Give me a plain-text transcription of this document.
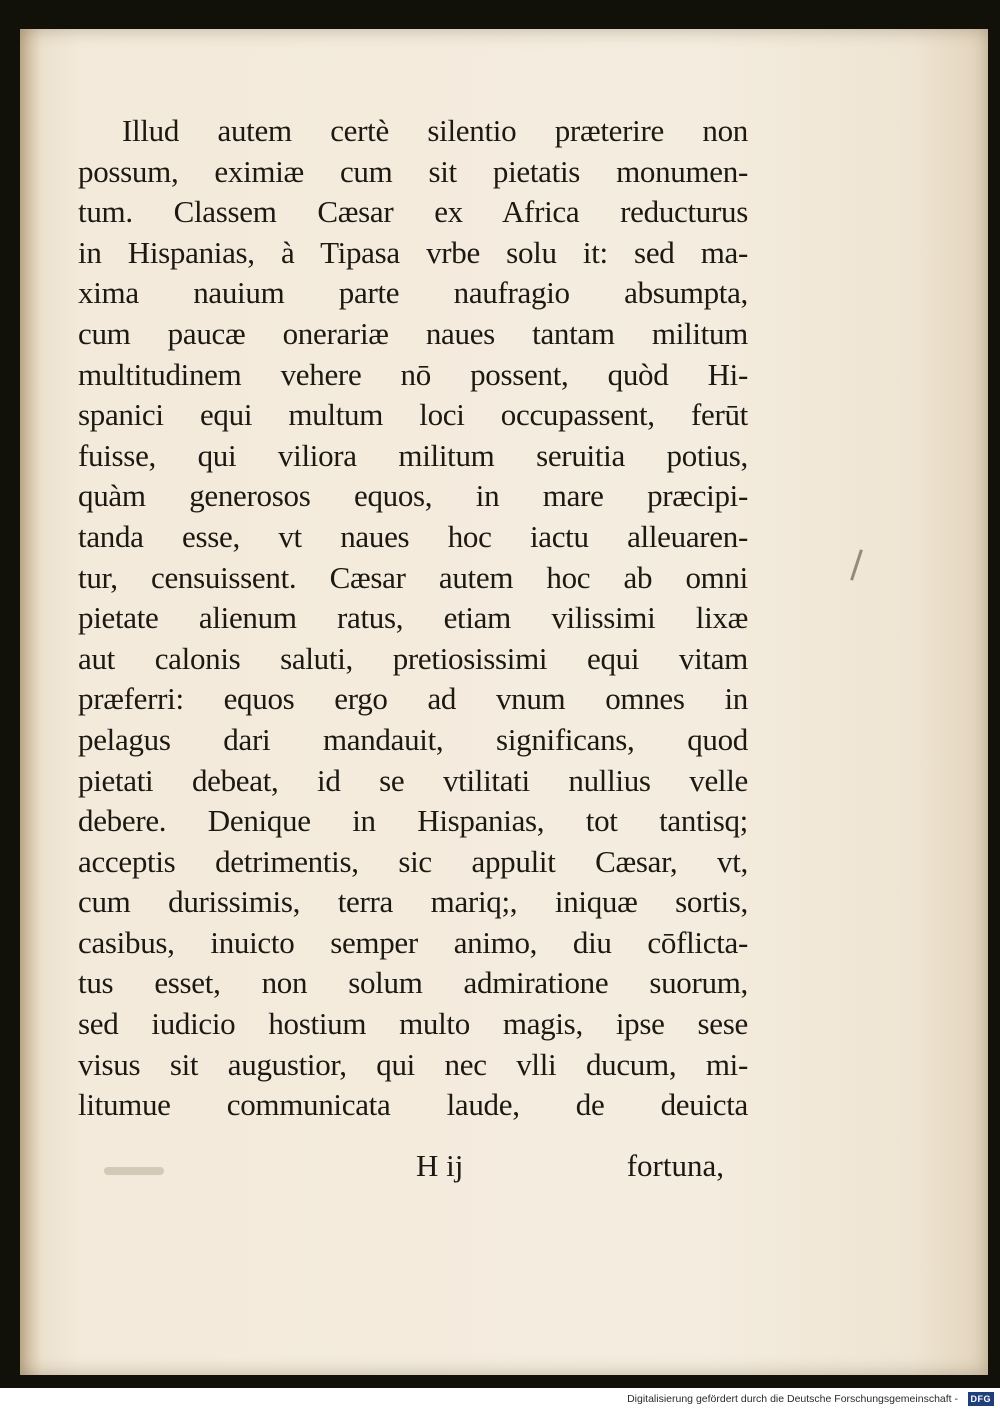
Illud autem certè silentio præterire non
possum, eximiæ cum sit pietatis monumen-
tum. Classem Cæsar ex Africa reducturus
in Hispanias, à Tipasa vrbe solu it: sed ma-
xima nauium parte naufragio absumpta,
cum paucæ onerariæ naues tantam militum
multitudinem vehere nō possent, quòd Hi-
spanici equi multum loci occupassent, ferūt
fuisse, qui viliora militum seruitia potius,
quàm generosos equos, in mare præcipi-
tanda esse, vt naues hoc iactu alleuaren-
tur, censuissent. Cæsar autem hoc ab omni
pietate alienum ratus, etiam vilissimi lixæ
aut calonis saluti, pretiosissimi equi vitam
præferri: equos ergo ad vnum omnes in
pelagus dari mandauit, significans, quod
pietati debeat, id se vtilitati nullius velle
debere. Denique in Hispanias, tot tantisq;
acceptis detrimentis, sic appulit Cæsar, vt,
cum durissimis, terra mariq;, iniquæ sortis,
casibus, inuicto semper animo, diu cōflicta-
tus esset, non solum admiratione suorum,
sed iudicio hostium multo magis, ipse sese
visus sit augustior, qui nec vlli ducum, mi-
litumue communicata laude, de deuicta
H ij	fortuna,
Digitalisierung gefördert durch die Deutsche Forschungsgemeinschaft -	DFG
